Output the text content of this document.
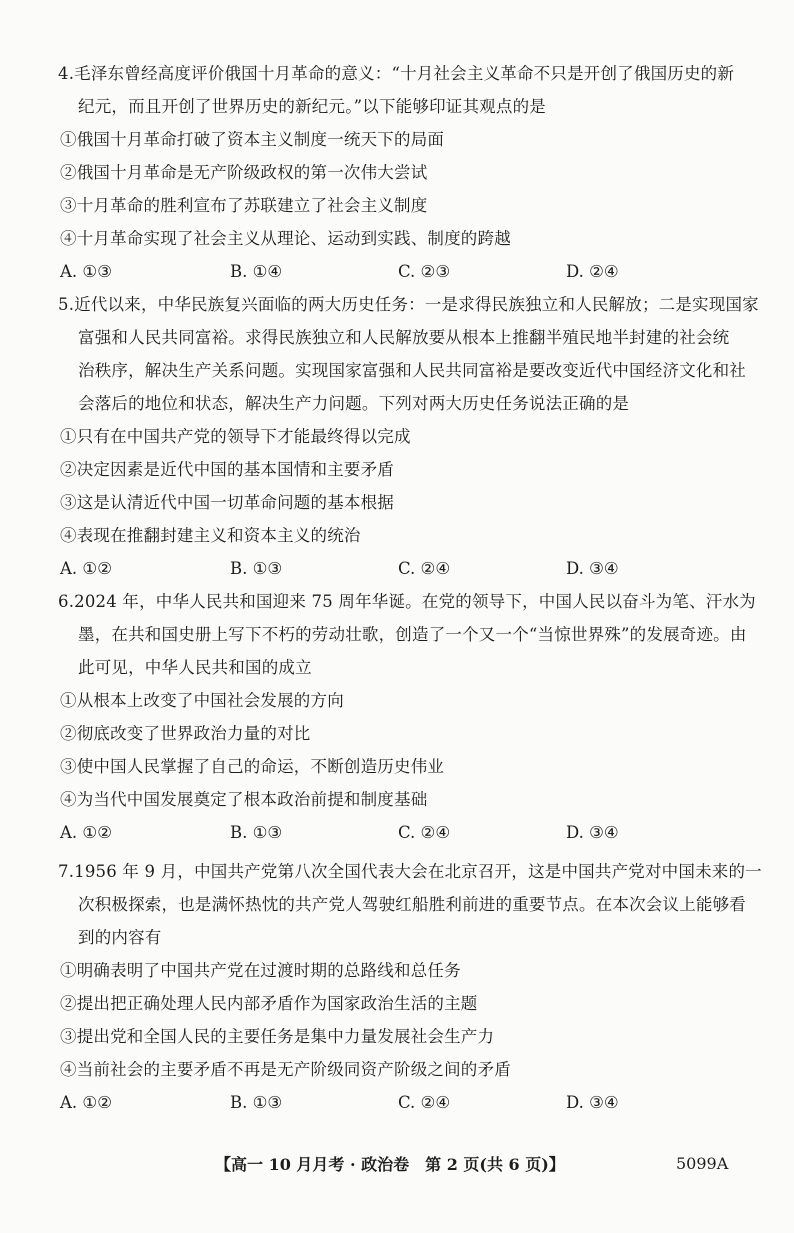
4.毛泽东曾经高度评价俄国十月革命的意义：“十月社会主义革命不只是开创了俄国历史的新
纪元，而且开创了世界历史的新纪元。”以下能够印证其观点的是
①俄国十月革命打破了资本主义制度一统天下的局面
②俄国十月革命是无产阶级政权的第一次伟大尝试
③十月革命的胜利宣布了苏联建立了社会主义制度
④十月革命实现了社会主义从理论、运动到实践、制度的跨越
A. ①③	B. ①④	C. ②③	D. ②④
5.近代以来，中华民族复兴面临的两大历史任务：一是求得民族独立和人民解放；二是实现国家
富强和人民共同富裕。求得民族独立和人民解放要从根本上推翻半殖民地半封建的社会统
治秩序，解决生产关系问题。实现国家富强和人民共同富裕是要改变近代中国经济文化和社
会落后的地位和状态，解决生产力问题。下列对两大历史任务说法正确的是
①只有在中国共产党的领导下才能最终得以完成
②决定因素是近代中国的基本国情和主要矛盾
③这是认清近代中国一切革命问题的基本根据
④表现在推翻封建主义和资本主义的统治
A. ①②	B. ①③	C. ②④	D. ③④
6.2024 年，中华人民共和国迎来 75 周年华诞。在党的领导下，中国人民以奋斗为笔、汗水为
墨，在共和国史册上写下不朽的劳动壮歌，创造了一个又一个“当惊世界殊”的发展奇迹。由
此可见，中华人民共和国的成立
①从根本上改变了中国社会发展的方向
②彻底改变了世界政治力量的对比
③使中国人民掌握了自己的命运，不断创造历史伟业
④为当代中国发展奠定了根本政治前提和制度基础
A. ①②	B. ①③	C. ②④	D. ③④
7.1956 年 9 月，中国共产党第八次全国代表大会在北京召开，这是中国共产党对中国未来的一
次积极探索，也是满怀热忱的共产党人驾驶红船胜利前进的重要节点。在本次会议上能够看
到的内容有
①明确表明了中国共产党在过渡时期的总路线和总任务
②提出把正确处理人民内部矛盾作为国家政治生活的主题
③提出党和全国人民的主要任务是集中力量发展社会生产力
④当前社会的主要矛盾不再是无产阶级同资产阶级之间的矛盾
A. ①②	B. ①③	C. ②④	D. ③④
【高一 10 月月考 · 政治卷　第 2 页(共 6 页)】	5099A
